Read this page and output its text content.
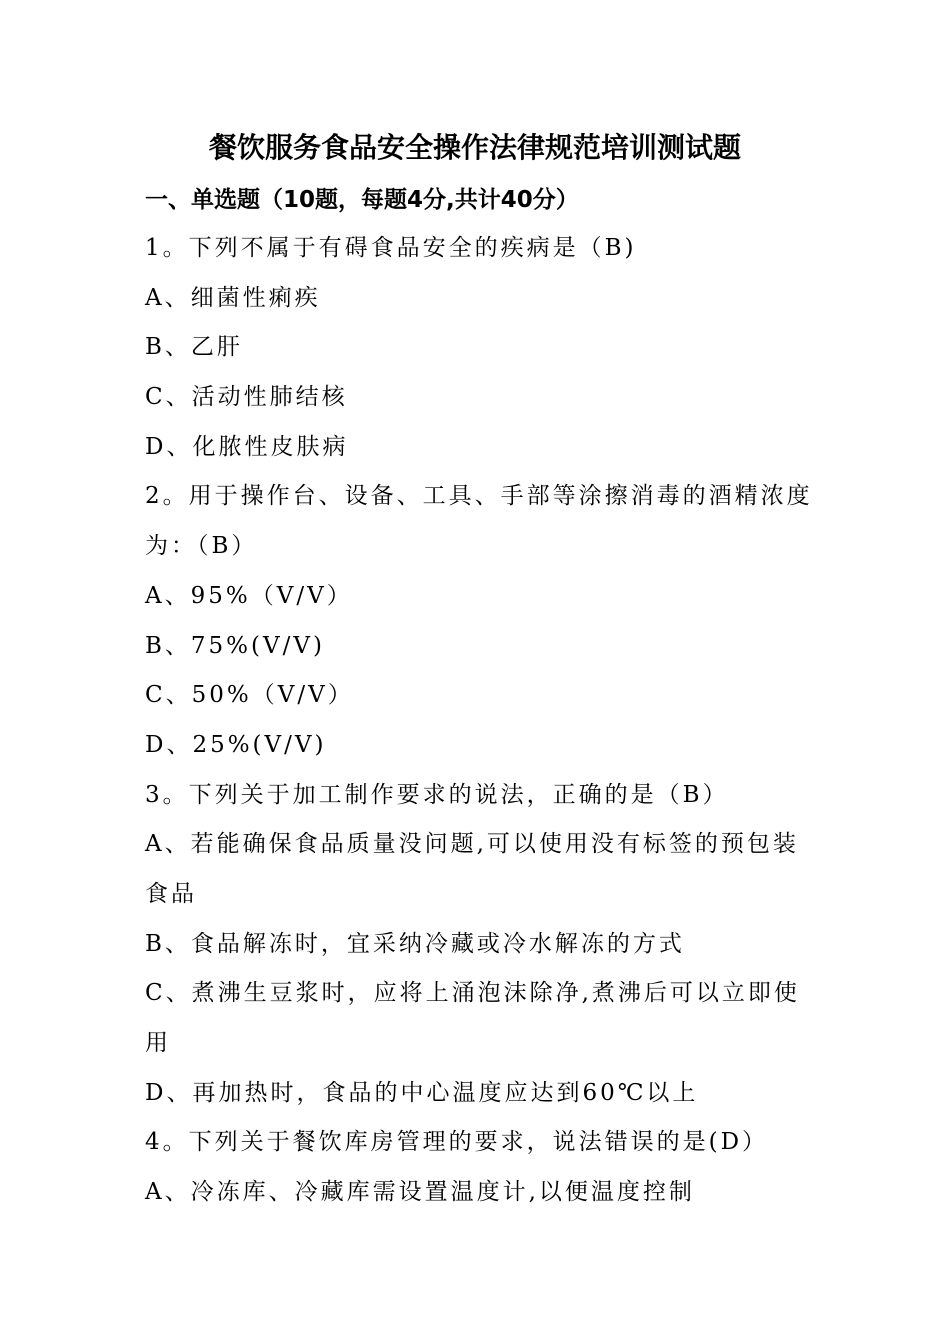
餐饮服务食品安全操作法律规范培训测试题
一、单选题（10题，每题4分,共计40分）
1。下列不属于有碍食品安全的疾病是（B)
A、细菌性痢疾
B、乙肝
C、活动性肺结核
D、化脓性皮肤病
2。用于操作台、设备、工具、手部等涂擦消毒的酒精浓度
为：（B）
A、95%（V/V）
B、75%(V/V)
C、50%（V/V）
D、25%(V/V)
3。下列关于加工制作要求的说法，正确的是（B）
A、若能确保食品质量没问题,可以使用没有标签的预包装
食品
B、食品解冻时，宜采纳冷藏或冷水解冻的方式
C、煮沸生豆浆时，应将上涌泡沫除净,煮沸后可以立即使
用
D、再加热时，食品的中心温度应达到60℃以上
4。下列关于餐饮库房管理的要求，说法错误的是(D）
A、冷冻库、冷藏库需设置温度计,以便温度控制
